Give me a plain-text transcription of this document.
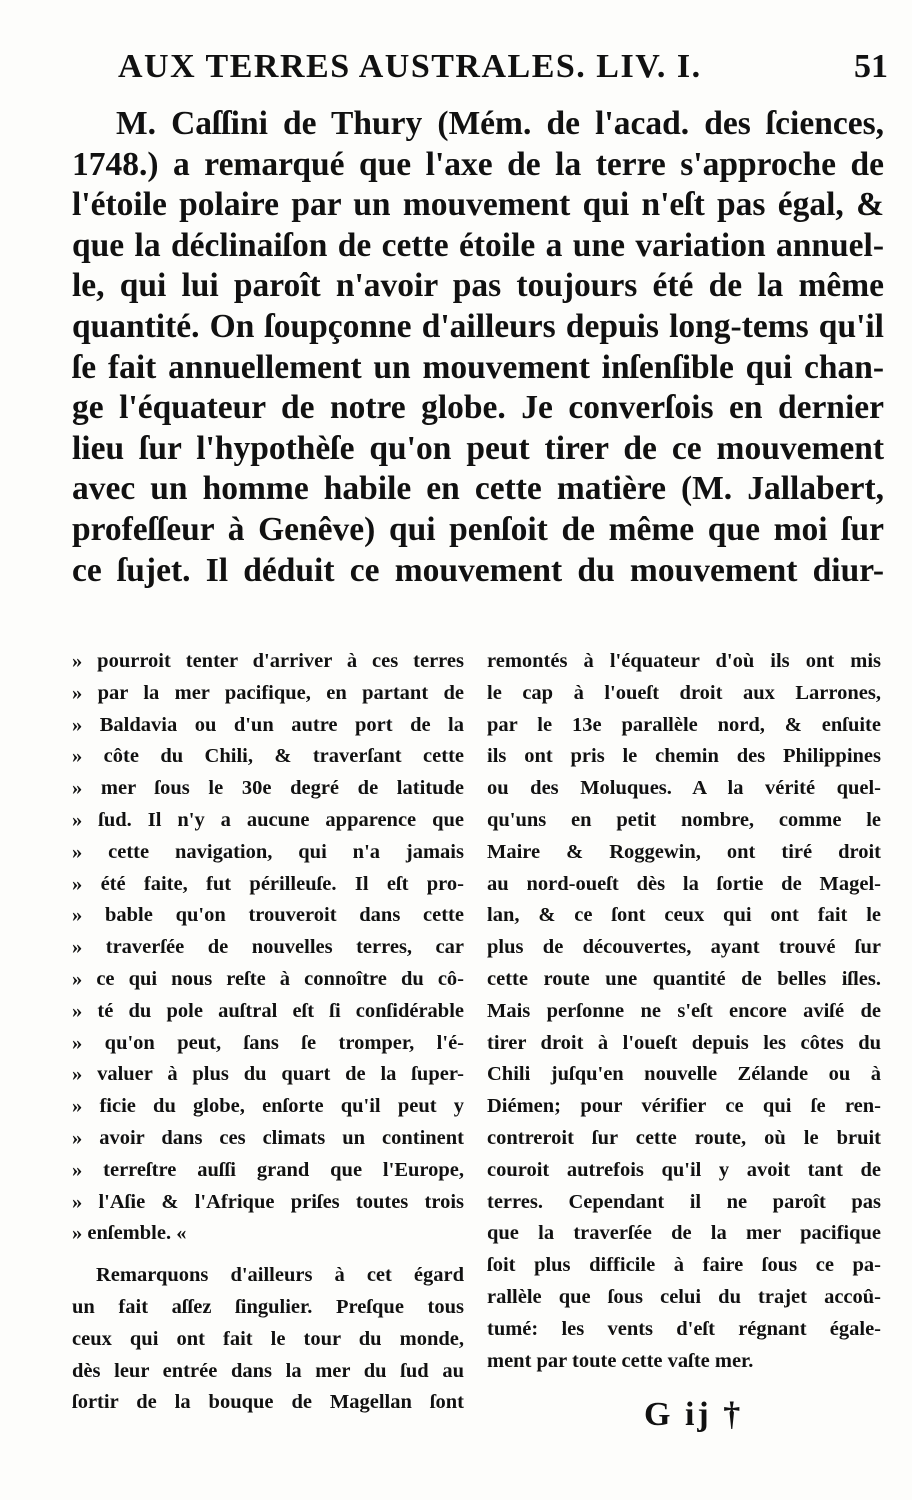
AUX TERRES AUSTRALES. LIV. I.	51
M. Caſſini de Thury (Mém. de l'acad. des ſciences,
1748.) a remarqué que l'axe de la terre s'approche de
l'étoile polaire par un mouvement qui n'eſt pas égal, &
que la déclinaiſon de cette étoile a une variation annuel-
le, qui lui paroît n'avoir pas toujours été de la même
quantité. On ſoupçonne d'ailleurs depuis long-tems qu'il
ſe fait annuellement un mouvement inſenſible qui chan-
ge l'équateur de notre globe. Je converſois en dernier
lieu ſur l'hypothèſe qu'on peut tirer de ce mouvement
avec un homme habile en cette matière (M. Jallabert,
profeſſeur à Genêve) qui penſoit de même que moi ſur
ce ſujet. Il déduit ce mouvement du mouvement diur-
» pourroit tenter d'arriver à ces terres
» par la mer pacifique, en partant de
» Baldavia ou d'un autre port de la
» côte du Chili, & traverſant cette
» mer ſous le 30e degré de latitude
» ſud. Il n'y a aucune apparence que
» cette navigation, qui n'a jamais
» été faite, fut périlleuſe. Il eſt pro-
» bable qu'on trouveroit dans cette
» traverſée de nouvelles terres, car
» ce qui nous reſte à connoître du cô-
» té du pole auſtral eſt ſi conſidérable
» qu'on peut, ſans ſe tromper, l'é-
» valuer à plus du quart de la ſuper-
» ficie du globe, enſorte qu'il peut y
» avoir dans ces climats un continent
» terreſtre auſſi grand que l'Europe,
» l'Aſie & l'Afrique priſes toutes trois
» enſemble. «
Remarquons d'ailleurs à cet égard
un fait aſſez ſingulier. Preſque tous
ceux qui ont fait le tour du monde,
dès leur entrée dans la mer du ſud au
ſortir de la bouque de Magellan ſont
remontés à l'équateur d'où ils ont mis
le cap à l'oueſt droit aux Larrones,
par le 13e parallèle nord, & enſuite
ils ont pris le chemin des Philippines
ou des Moluques. A la vérité quel-
qu'uns en petit nombre, comme le
Maire & Roggewin, ont tiré droit
au nord-oueſt dès la ſortie de Magel-
lan, & ce ſont ceux qui ont fait le
plus de découvertes, ayant trouvé ſur
cette route une quantité de belles iſles.
Mais perſonne ne s'eſt encore aviſé de
tirer droit à l'oueſt depuis les côtes du
Chili juſqu'en nouvelle Zélande ou à
Diémen; pour vérifier ce qui ſe ren-
contreroit ſur cette route, où le bruit
couroit autrefois qu'il y avoit tant de
terres. Cependant il ne paroît pas
que la traverſée de la mer pacifique
ſoit plus difficile à faire ſous ce pa-
rallèle que ſous celui du trajet accoû-
tumé: les vents d'eſt régnant égale-
ment par toute cette vaſte mer.
G ij †
